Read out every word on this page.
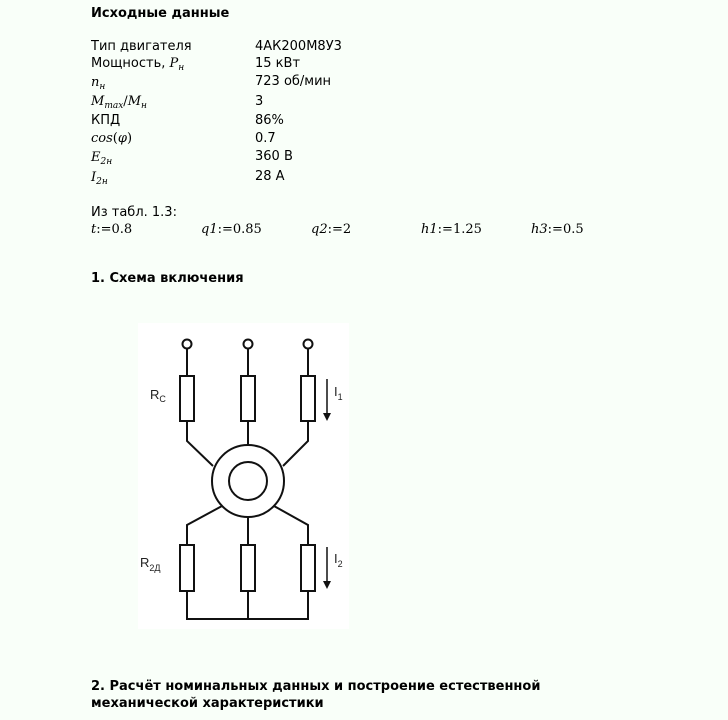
Исходные данные
Тип двигателя	4АК200М8У3
Мощность, $P_н$	15 кВт
$n_н$	723 об/мин
$M_{max}/M_н$	3
КПД	86%
cos(φ)	0.7
$E_{2н}$	360 В
$I_{2н}$	28 А
Из табл. 1.3:
t:=0.8	q1:=0.85	q2:=2	h1:=1.25	h3:=0.5
1. Схема включения
$R_C$	$I_1$
$R_{2Д}$
$I_2$
2. Расчёт номинальных данных и построение естественной механической характеристики
